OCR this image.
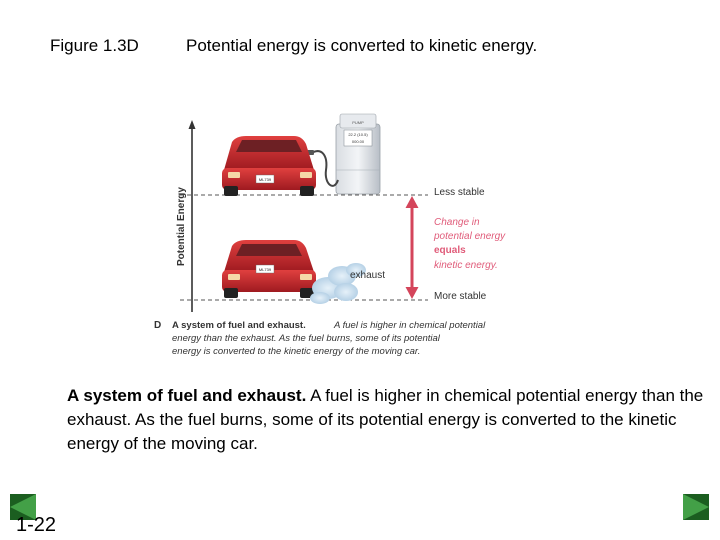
Figure 1.3D	Potential energy is converted to kinetic energy.
Potential Energy
PUMP
22.2 (10.5)
000.00
ML739
ML739
exhaust
Less stable
Change in
potential energy
equals
kinetic energy.
More stable
D A system of fuel and exhaust.	A fuel is higher in chemical potential
energy than the exhaust. As the fuel burns, some of its potential
energy is converted to the kinetic energy of the moving car.
A system of fuel and exhaust. A fuel is higher in chemical potential energy than the exhaust. As the fuel burns, some of its potential energy is converted to the kinetic energy of the moving car.
1-22
